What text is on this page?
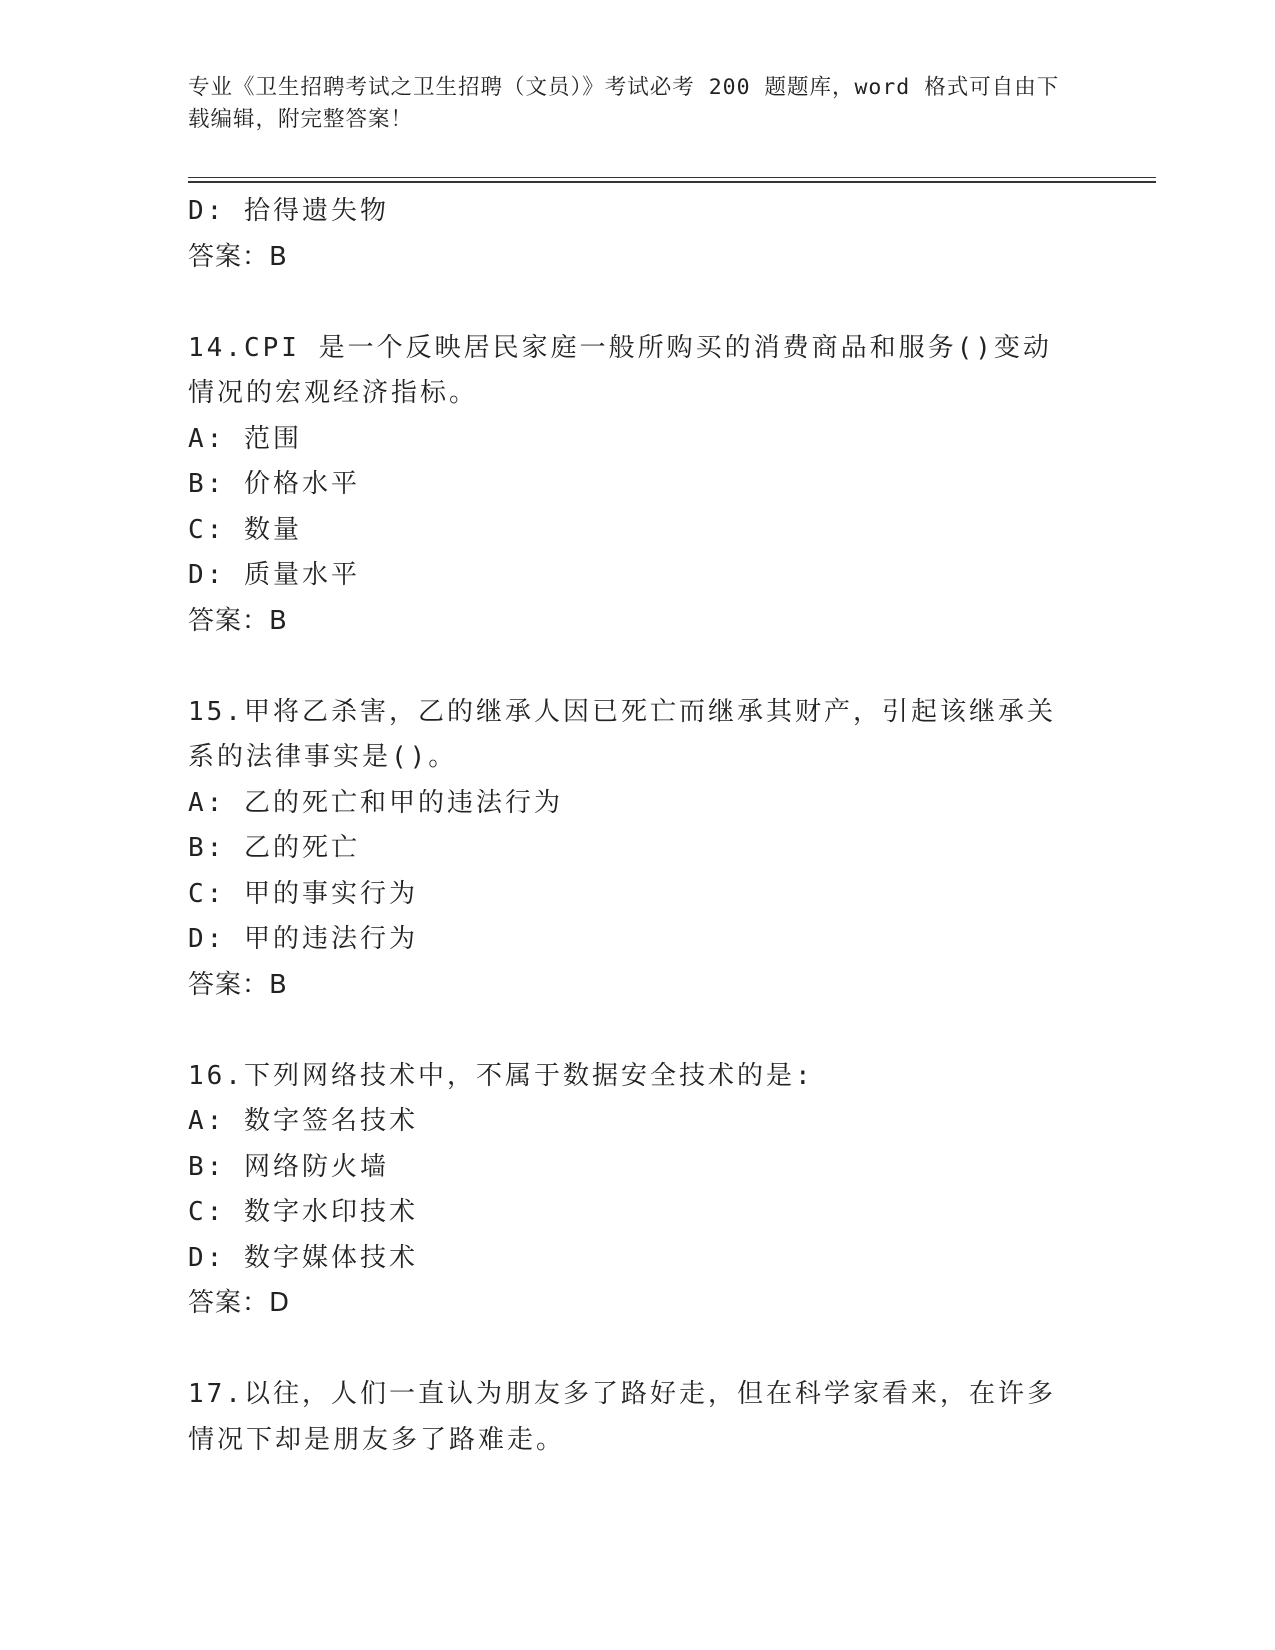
专业《卫生招聘考试之卫生招聘（文员）》考试必考 200 题题库，word 格式可自由下载编辑，附完整答案！
D: 拾得遗失物
答案：B
14.CPI 是一个反映居民家庭一般所购买的消费商品和服务()变动情况的宏观经济指标。
A: 范围
B: 价格水平
C: 数量
D: 质量水平
答案：B
15.甲将乙杀害，乙的继承人因已死亡而继承其财产，引起该继承关系的法律事实是()。
A: 乙的死亡和甲的违法行为
B: 乙的死亡
C: 甲的事实行为
D: 甲的违法行为
答案：B
16.下列网络技术中，不属于数据安全技术的是:
A: 数字签名技术
B: 网络防火墙
C: 数字水印技术
D: 数字媒体技术
答案：D
17.以往，人们一直认为朋友多了路好走，但在科学家看来，在许多情况下却是朋友多了路难走。
